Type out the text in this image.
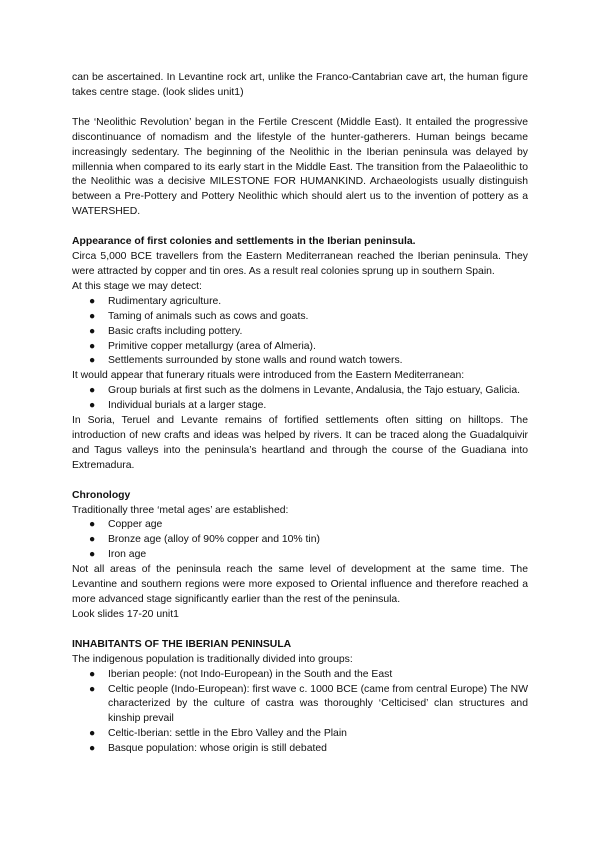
can be ascertained. In Levantine rock art, unlike the Franco-Cantabrian cave art, the human figure takes centre stage. (look slides unit1)

The ‘Neolithic Revolution’ began in the Fertile Crescent (Middle East). It entailed the progressive discontinuance of nomadism and the lifestyle of the hunter-gatherers. Human beings became increasingly sedentary. The beginning of the Neolithic in the Iberian peninsula was delayed by millennia when compared to its early start in the Middle East. The transition from the Palaeolithic to the Neolithic was a decisive MILESTONE FOR HUMANKIND. Archaeologists usually distinguish between a Pre-Pottery and Pottery Neolithic which should alert us to the invention of pottery as a WATERSHED.

Appearance of first colonies and settlements in the Iberian peninsula.

Circa 5,000 BCE travellers from the Eastern Mediterranean reached the Iberian peninsula. They were attracted by copper and tin ores. As a result real colonies sprung up in southern Spain.

At this stage we may detect:

● Rudimentary agriculture.
● Taming of animals such as cows and goats.
● Basic crafts including pottery.
● Primitive copper metallurgy (area of Almeria).
● Settlements surrounded by stone walls and round watch towers.

It would appear that funerary rituals were introduced from the Eastern Mediterranean:

● Group burials at first such as the dolmens in Levante, Andalusia, the Tajo estuary, Galicia.
● Individual burials at a larger stage.

In Soria, Teruel and Levante remains of fortified settlements often sitting on hilltops. The introduction of new crafts and ideas was helped by rivers. It can be traced along the Guadalquivir and Tagus valleys into the peninsula’s heartland and through the course of the Guadiana into Extremadura.

Chronology

Traditionally three ‘metal ages’ are established:

● Copper age
● Bronze age (alloy of 90% copper and 10% tin)
● Iron age

Not all areas of the peninsula reach the same level of development at the same time. The Levantine and southern regions were more exposed to Oriental influence and therefore reached a more advanced stage significantly earlier than the rest of the peninsula.

Look slides 17-20 unit1

INHABITANTS OF THE IBERIAN PENINSULA

The indigenous population is traditionally divided into groups:

● Iberian people: (not Indo-European) in the South and the East
● Celtic people (Indo-European): first wave c. 1000 BCE (came from central Europe) The NW characterized by the culture of castra was thoroughly ‘Celticised’ clan structures and kinship prevail
● Celtic-Iberian: settle in the Ebro Valley and the Plain
● Basque population: whose origin is still debated
